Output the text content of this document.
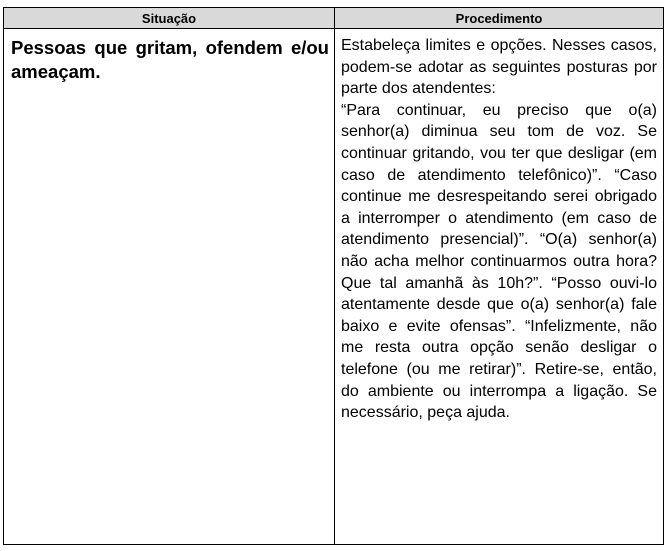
Situação	Procedimento

Pessoas que gritam, ofendem e/ou ameaçam.

Estabeleça limites e opções. Nesses casos, podem-se adotar as seguintes posturas por parte dos atendentes:

“Para continuar, eu preciso que o(a) senhor(a) diminua seu tom de voz. Se continuar gritando, vou ter que desligar (em caso de atendimento telefônico)”. “Caso continue me desrespeitando serei obrigado a interromper o atendimento (em caso de atendimento presencial)”. “O(a) senhor(a) não acha melhor continuarmos outra hora? Que tal amanhã às 10h?”. “Posso ouvi-lo atentamente desde que o(a) senhor(a) fale baixo e evite ofensas”. “Infelizmente, não me resta outra opção senão desligar o telefone (ou me retirar)”. Retire-se, então, do ambiente ou interrompa a ligação. Se necessário, peça ajuda.
